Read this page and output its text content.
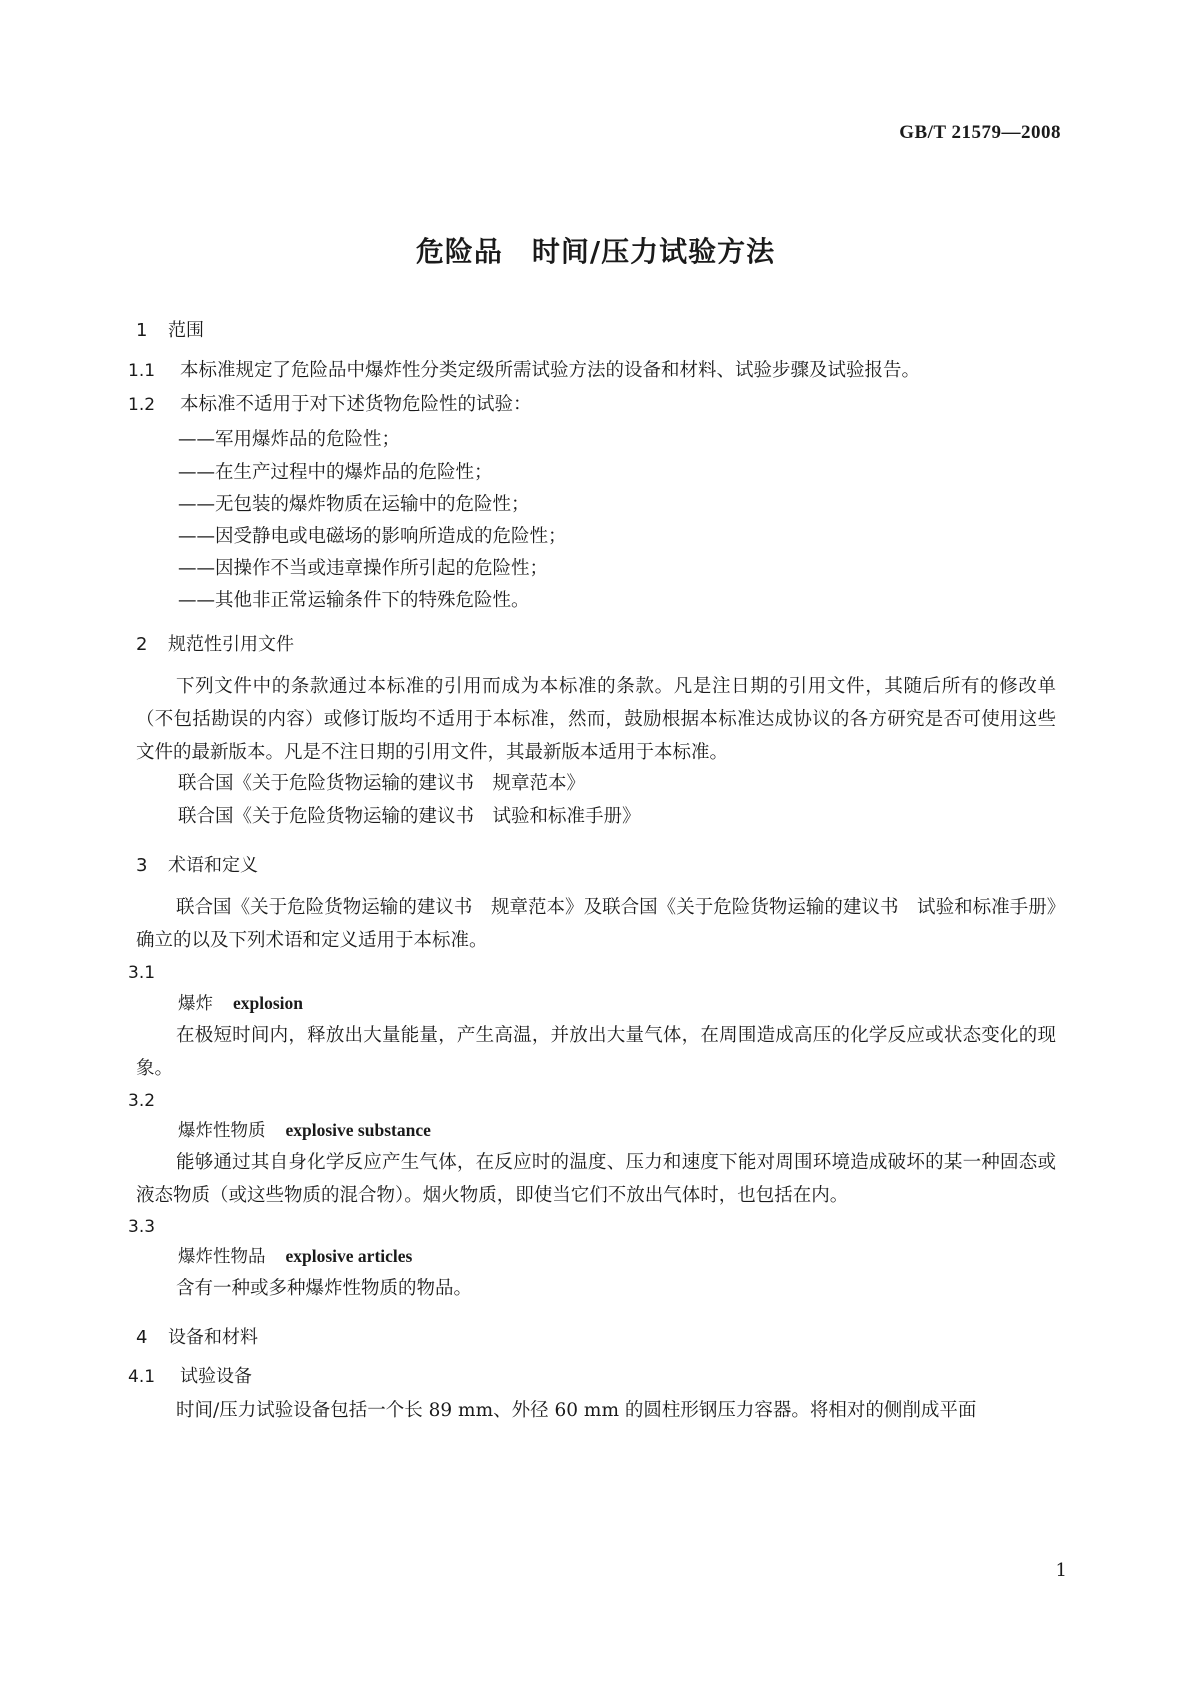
GB/T 21579—2008
危险品　时间/压力试验方法
1 范围
1.1 本标准规定了危险品中爆炸性分类定级所需试验方法的设备和材料、试验步骤及试验报告。
1.2 本标准不适用于对下述货物危险性的试验：
——军用爆炸品的危险性；
——在生产过程中的爆炸品的危险性；
——无包装的爆炸物质在运输中的危险性；
——因受静电或电磁场的影响所造成的危险性；
——因操作不当或违章操作所引起的危险性；
——其他非正常运输条件下的特殊危险性。
2 规范性引用文件
下列文件中的条款通过本标准的引用而成为本标准的条款。凡是注日期的引用文件，其随后所有的修改单（不包括勘误的内容）或修订版均不适用于本标准，然而，鼓励根据本标准达成协议的各方研究是否可使用这些文件的最新版本。凡是不注日期的引用文件，其最新版本适用于本标准。
联合国《关于危险货物运输的建议书　规章范本》
联合国《关于危险货物运输的建议书　试验和标准手册》
3 术语和定义
联合国《关于危险货物运输的建议书　规章范本》及联合国《关于危险货物运输的建议书　试验和标准手册》确立的以及下列术语和定义适用于本标准。
3.1
爆炸 explosion
在极短时间内，释放出大量能量，产生高温，并放出大量气体，在周围造成高压的化学反应或状态变化的现象。
3.2
爆炸性物质 explosive substance
能够通过其自身化学反应产生气体，在反应时的温度、压力和速度下能对周围环境造成破坏的某一种固态或液态物质（或这些物质的混合物）。烟火物质，即使当它们不放出气体时，也包括在内。
3.3
爆炸性物品 explosive articles
含有一种或多种爆炸性物质的物品。
4 设备和材料
4.1 试验设备
时间/压力试验设备包括一个长 89 mm、外径 60 mm 的圆柱形钢压力容器。将相对的侧削成平面
1
